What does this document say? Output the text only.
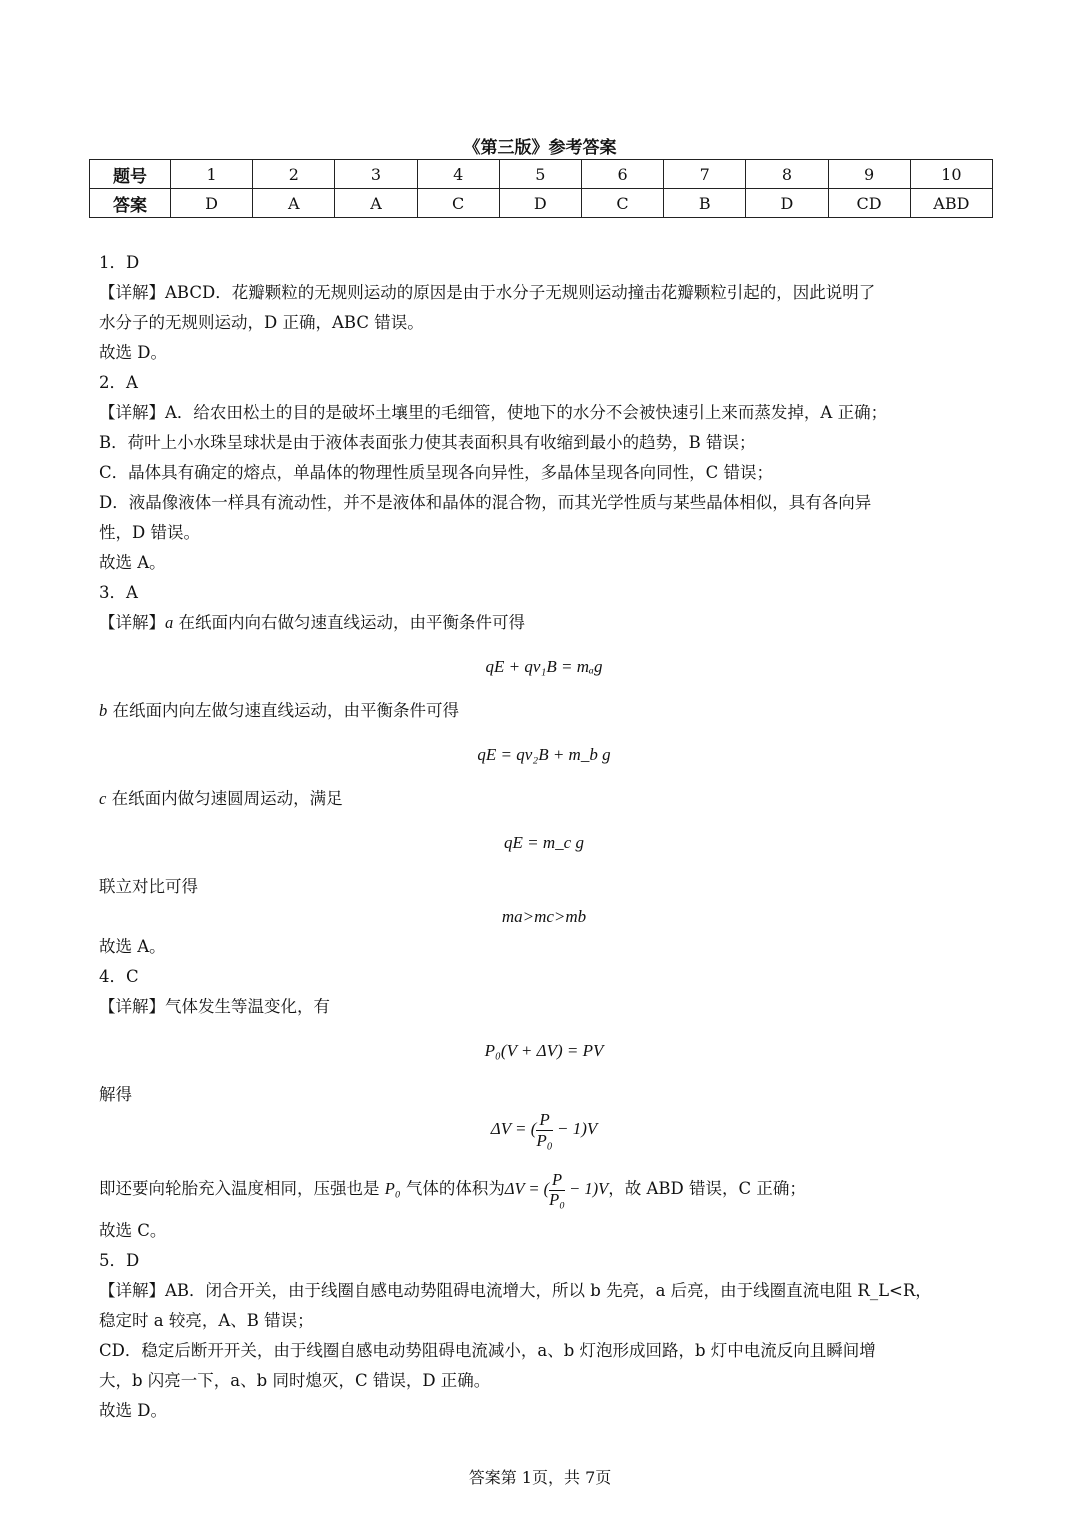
《第三版》参考答案
题号	1	2	3	4	5	6	7	8	9	10
答案	D	A	A	C	D	C	B	D	CD	ABD
1．D
【详解】ABCD．花瓣颗粒的无规则运动的原因是由于水分子无规则运动撞击花瓣颗粒引起的，因此说明了
水分子的无规则运动，D 正确，ABC 错误。
故选 D。
2．A
【详解】A．给农田松土的目的是破坏土壤里的毛细管，使地下的水分不会被快速引上来而蒸发掉，A 正确；
B．荷叶上小水珠呈球状是由于液体表面张力使其表面积具有收缩到最小的趋势，B 错误；
C．晶体具有确定的熔点，单晶体的物理性质呈现各向异性，多晶体呈现各向同性，C 错误；
D．液晶像液体一样具有流动性，并不是液体和晶体的混合物，而其光学性质与某些晶体相似，具有各向异
性，D 错误。
故选 A。
3．A
【详解】a 在纸面内向右做匀速直线运动，由平衡条件可得
qE + qv₁B = mₐg
b 在纸面内向左做匀速直线运动，由平衡条件可得
qE = qv₂B + m_b g
c 在纸面内做匀速圆周运动，满足
qE = m_c g
联立对比可得
ma>mc>mb
故选 A。
4．C
【详解】气体发生等温变化，有
P₀(V + ΔV) = PV
解得
ΔV = ( $\frac{P}{\text{P₀}} - 1)V$
即还要向轮胎充入温度相同，压强也是 P₀ 气体的体积为ΔV = ( $\frac{P}{\text{P₀}} - 1)V$，故 ABD 错误，C 正确；
故选 C。
5．D
【详解】AB．闭合开关，由于线圈自感电动势阻碍电流增大，所以 b 先亮，a 后亮，由于线圈直流电阻 R_L<R，
稳定时 a 较亮，A、B 错误；
CD．稳定后断开开关，由于线圈自感电动势阻碍电流减小，a、b 灯泡形成回路，b 灯中电流反向且瞬间增
大，b 闪亮一下，a、b 同时熄灭，C 错误，D 正确。
故选 D。
答案第 1页，共 7页
